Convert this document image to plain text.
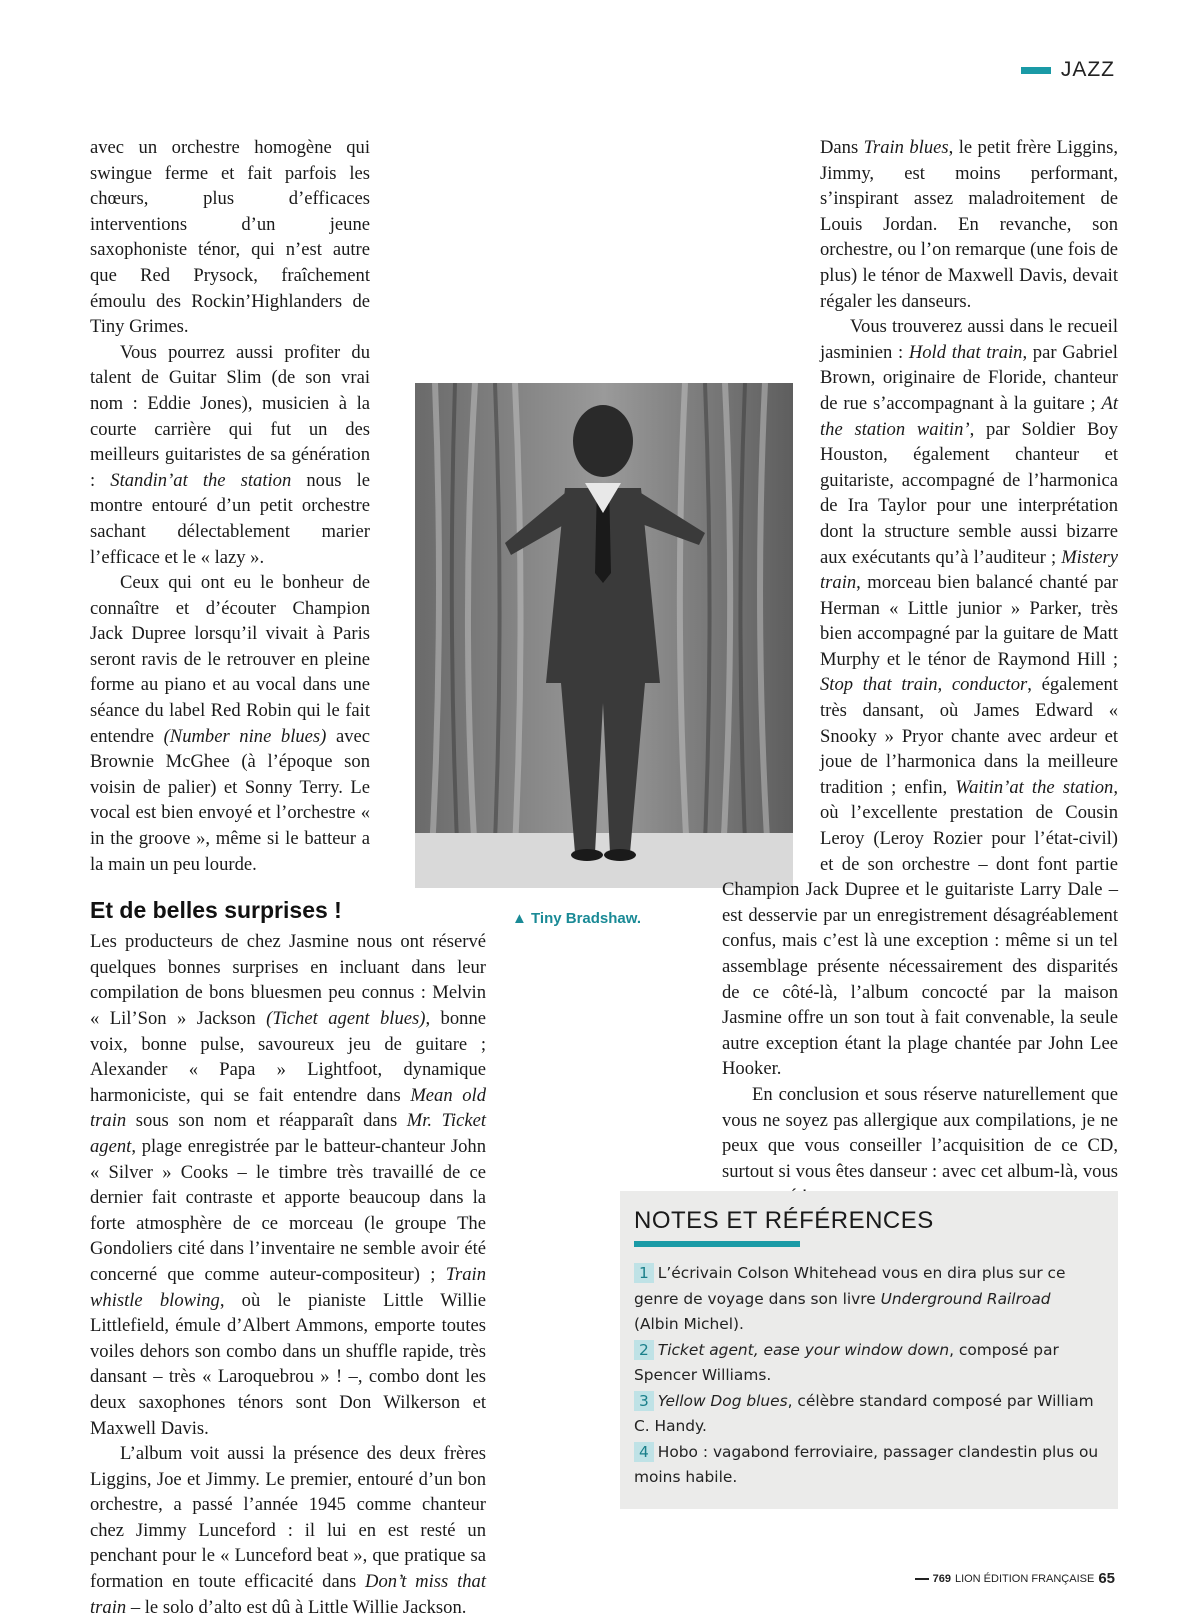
JAZZ

avec un orchestre homogène qui swingue ferme et fait parfois les chœurs, plus d’efficaces interventions d’un jeune saxophoniste ténor, qui n’est autre que Red Prysock, fraîchement émoulu des Rockin’Highlanders de Tiny Grimes.

Vous pourrez aussi profiter du talent de Guitar Slim (de son vrai nom : Eddie Jones), musicien à la courte carrière qui fut un des meilleurs guitaristes de sa génération : Standin’at the station nous le montre entouré d’un petit orchestre sachant délectablement marier l’efficace et le « lazy ».

Ceux qui ont eu le bonheur de connaître et d’écouter Champion Jack Dupree lorsqu’il vivait à Paris seront ravis de le retrouver en pleine forme au piano et au vocal dans une séance du label Red Robin qui le fait entendre (Number nine blues) avec Brownie McGhee (à l’époque son voisin de palier) et Sonny Terry. Le vocal est bien envoyé et l’orchestre « in the groove », même si le batteur a la main un peu lourde.

Et de belles surprises !

Les producteurs de chez Jasmine nous ont réservé quelques bonnes surprises en incluant dans leur compilation de bons bluesmen peu connus : Melvin « Lil’Son » Jackson (Tichet agent blues), bonne voix, bonne pulse, savoureux jeu de guitare ; Alexander « Papa » Lightfoot, dynamique harmoniciste, qui se fait entendre dans Mean old train sous son nom et réapparaît dans Mr. Ticket agent, plage enregistrée par le batteur-chanteur John « Silver » Cooks – le timbre très travaillé de ce dernier fait contraste et apporte beaucoup dans la forte atmosphère de ce morceau (le groupe The Gondoliers cité dans l’inventaire ne semble avoir été concerné que comme auteur-compositeur) ; Train whistle blowing, où le pianiste Little Willie Littlefield, émule d’Albert Ammons, emporte toutes voiles dehors son combo dans un shuffle rapide, très dansant – très « Laroquebrou » ! –, combo dont les deux saxophones ténors sont Don Wilkerson et Maxwell Davis.

L’album voit aussi la présence des deux frères Liggins, Joe et Jimmy. Le premier, entouré d’un bon orchestre, a passé l’année 1945 comme chanteur chez Jimmy Lunceford : il lui en est resté un penchant pour le « Lunceford beat », que pratique sa formation en toute efficacité dans Don’t miss that train – le solo d’alto est dû à Little Willie Jackson.

▲ Tiny Bradshaw.

Dans Train blues, le petit frère Liggins, Jimmy, est moins performant, s’inspirant assez maladroitement de Louis Jordan. En revanche, son orchestre, ou l’on remarque (une fois de plus) le ténor de Maxwell Davis, devait régaler les danseurs.

Vous trouverez aussi dans le recueil jasminien : Hold that train, par Gabriel Brown, originaire de Floride, chanteur de rue s’accompagnant à la guitare ; At the station waitin’, par Soldier Boy Houston, également chanteur et guitariste, accompagné de l’harmonica de Ira Taylor pour une interprétation dont la structure semble aussi bizarre aux exécutants qu’à l’auditeur ; Mistery train, morceau bien balancé chanté par Herman « Little junior » Parker, très bien accompagné par la guitare de Matt Murphy et le ténor de Raymond Hill ; Stop that train, conductor, également très dansant, où James Edward « Snooky » Pryor chante avec ardeur et joue de l’harmonica dans la meilleure tradition ; enfin, Waitin’at the station, où l’excellente prestation de Cousin Leroy (Leroy Rozier pour l’état-civil) et de son orchestre – dont font partie Champion Jack Dupree et le guitariste Larry Dale – est desservie par un enregistrement désagréablement confus, mais c’est là une exception : même si un tel assemblage présente nécessairement des disparités de ce côté-là, l’album concocté par la maison Jasmine offre un son tout à fait convenable, la seule autre exception étant la plage chantée par John Lee Hooker.

En conclusion et sous réserve naturellement que vous ne soyez pas allergique aux compilations, je ne peux que vous conseiller l’acquisition de ce CD, surtout si vous êtes danseur : avec cet album-là, vous

NOTES ET RÉFÉRENCES

1 L’écrivain Colson Whitehead vous en dira plus sur ce genre de voyage dans son livre Underground Railroad (Albin Michel).

2 Ticket agent, ease your window down, composé par Spencer Williams.

3 Yellow Dog blues, célèbre standard composé par William C. Handy.

4 Hobo : vagabond ferroviaire, passager clandestin plus ou moins habile.

769 LION ÉDITION FRANÇAISE 65
